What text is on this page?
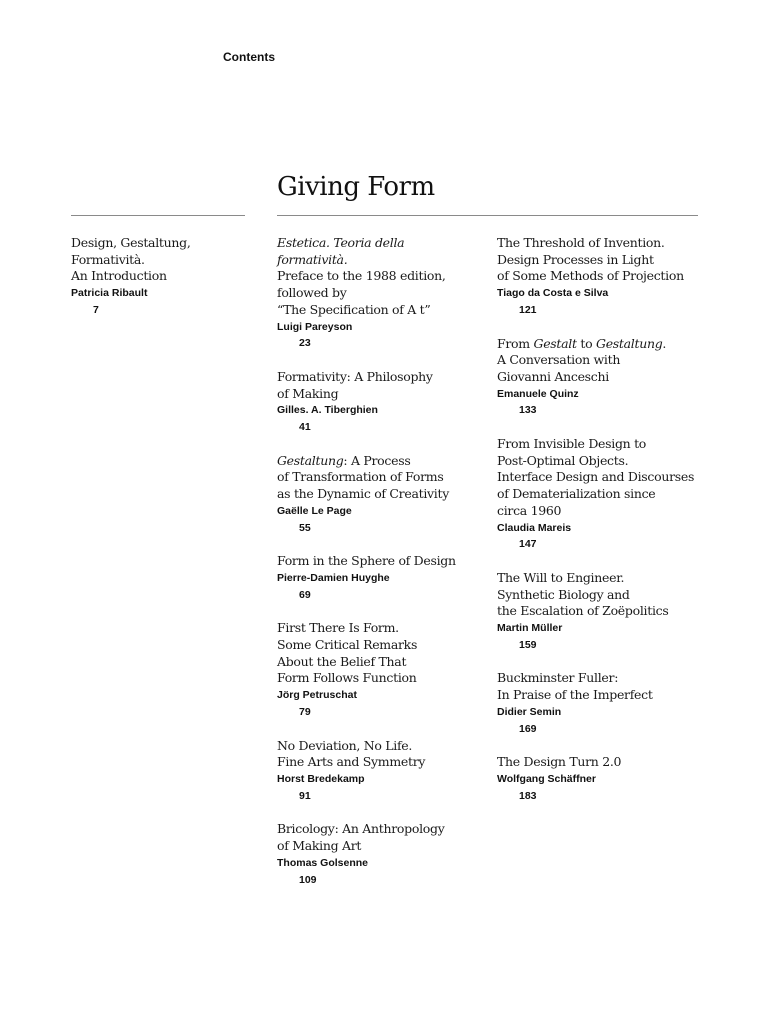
Contents
Giving Form
Design, Gestaltung,
Formatività.
An Introduction
Patricia Ribault
7
Estetica. Teoria della
formatività.
Preface to the 1988 edition,
followed by
“The Specification of A t”
Luigi Pareyson
23
Formativity: A Philosophy
of Making
Gilles. A. Tiberghien
41
Gestaltung: A Process
of Transformation of Forms
as the Dynamic of Creativity
Gaëlle Le Page
55
Form in the Sphere of Design
Pierre-Damien Huyghe
69
First There Is Form.
Some Critical Remarks
About the Belief That
Form Follows Function
Jörg Petruschat
79
No Deviation, No Life.
Fine Arts and Symmetry
Horst Bredekamp
91
Bricology: An Anthropology
of Making Art
Thomas Golsenne
109
The Threshold of Invention.
Design Processes in Light
of Some Methods of Projection
Tiago da Costa e Silva
121
From Gestalt to Gestaltung.
A Conversation with
Giovanni Anceschi
Emanuele Quinz
133
From Invisible Design to
Post-Optimal Objects.
Interface Design and Discourses
of Dematerialization since
circa 1960
Claudia Mareis
147
The Will to Engineer.
Synthetic Biology and
the Escalation of Zoëpolitics
Martin Müller
159
Buckminster Fuller:
In Praise of the Imperfect
Didier Semin
169
The Design Turn 2.0
Wolfgang Schäffner
183
